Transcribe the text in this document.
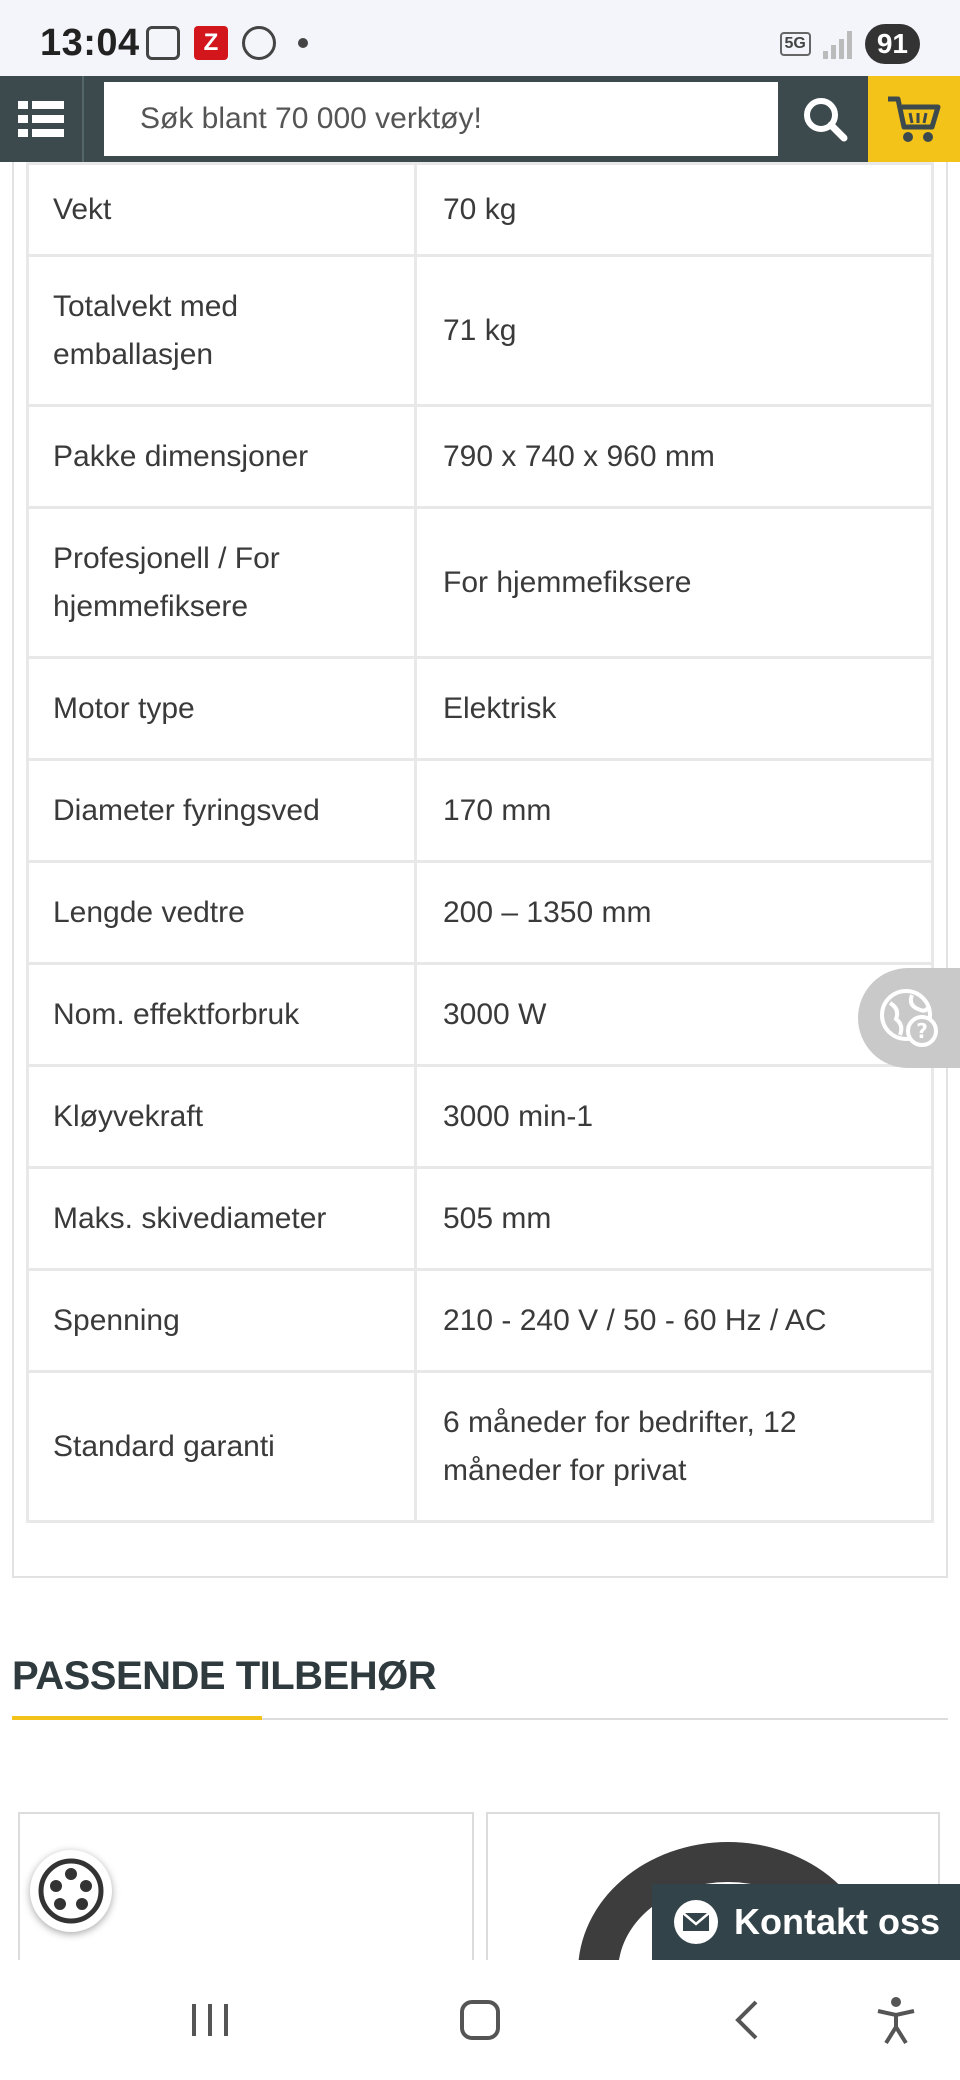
13:04	Z	5G	91
Søk blant 70 000 verktøy!
Vekt	70 kg
Totalvekt med emballasjen	71 kg
Pakke dimensjoner	790 x 740 x 960 mm
Profesjonell / For hjemmefiksere	For hjemmefiksere
Motor type	Elektrisk
Diameter fyringsved	170 mm
Lengde vedtre	200 – 1350 mm
Nom. effektforbruk	3000 W
Kløyvekraft	3000 min-1
Maks. skivediameter	505 mm
Spenning	210 - 240 V / 50 - 60 Hz / AC
Standard garanti	6 måneder for bedrifter, 12 måneder for privat
?
PASSENDE TILBEHØR
Kontakt oss
